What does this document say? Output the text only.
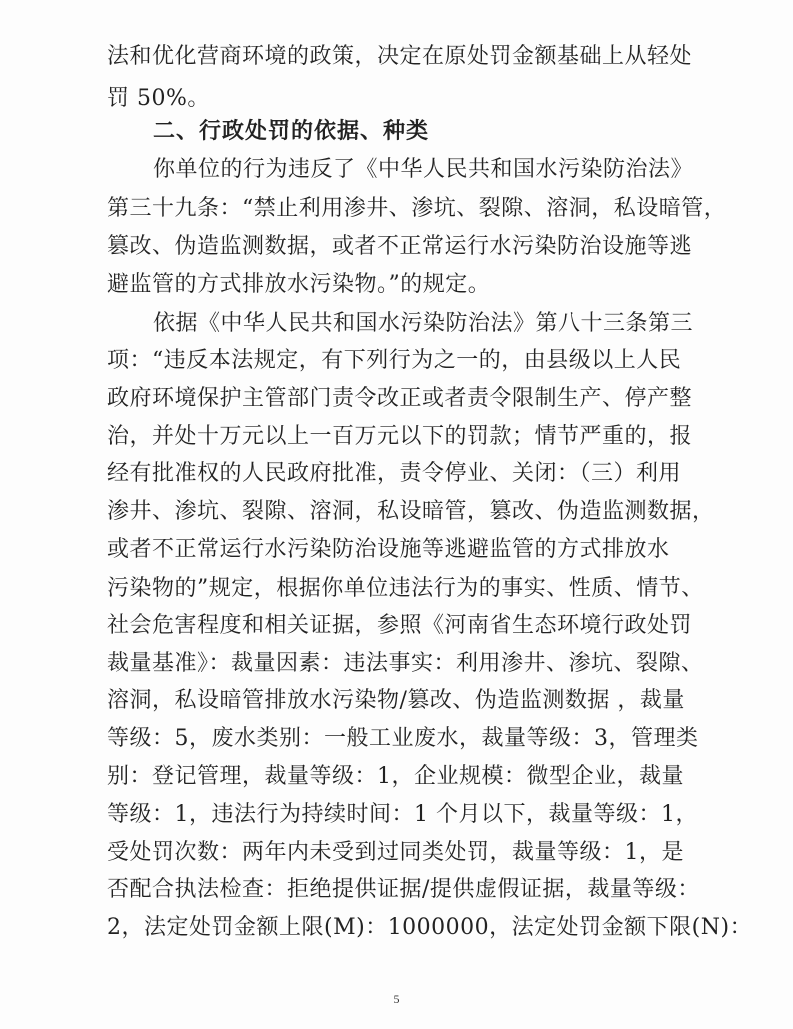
法和优化营商环境的政策，决定在原处罚金额基础上从轻处
罚 50%。
二、行政处罚的依据、种类
你单位的行为违反了《中华人民共和国水污染防治法》
第三十九条：“禁止利用渗井、渗坑、裂隙、溶洞，私设暗管，
篡改、伪造监测数据，或者不正常运行水污染防治设施等逃
避监管的方式排放水污染物。”的规定。
依据《中华人民共和国水污染防治法》第八十三条第三
项：“违反本法规定，有下列行为之一的，由县级以上人民
政府环境保护主管部门责令改正或者责令限制生产、停产整
治，并处十万元以上一百万元以下的罚款；情节严重的，报
经有批准权的人民政府批准，责令停业、关闭：（三）利用
渗井、渗坑、裂隙、溶洞，私设暗管，篡改、伪造监测数据，
或者不正常运行水污染防治设施等逃避监管的方式排放水
污染物的”规定，根据你单位违法行为的事实、性质、情节、
社会危害程度和相关证据，参照《河南省生态环境行政处罚
裁量基准》：裁量因素：违法事实：利用渗井、渗坑、裂隙、
溶洞，私设暗管排放水污染物/篡改、伪造监测数据 ，裁量
等级：5，废水类别：一般工业废水，裁量等级：3，管理类
别：登记管理，裁量等级：1，企业规模：微型企业，裁量
等级：1，违法行为持续时间：1 个月以下，裁量等级：1，
受处罚次数：两年内未受到过同类处罚，裁量等级：1，是
否配合执法检查：拒绝提供证据/提供虚假证据，裁量等级：
2，法定处罚金额上限(M)：1000000，法定处罚金额下限(N)：
5
